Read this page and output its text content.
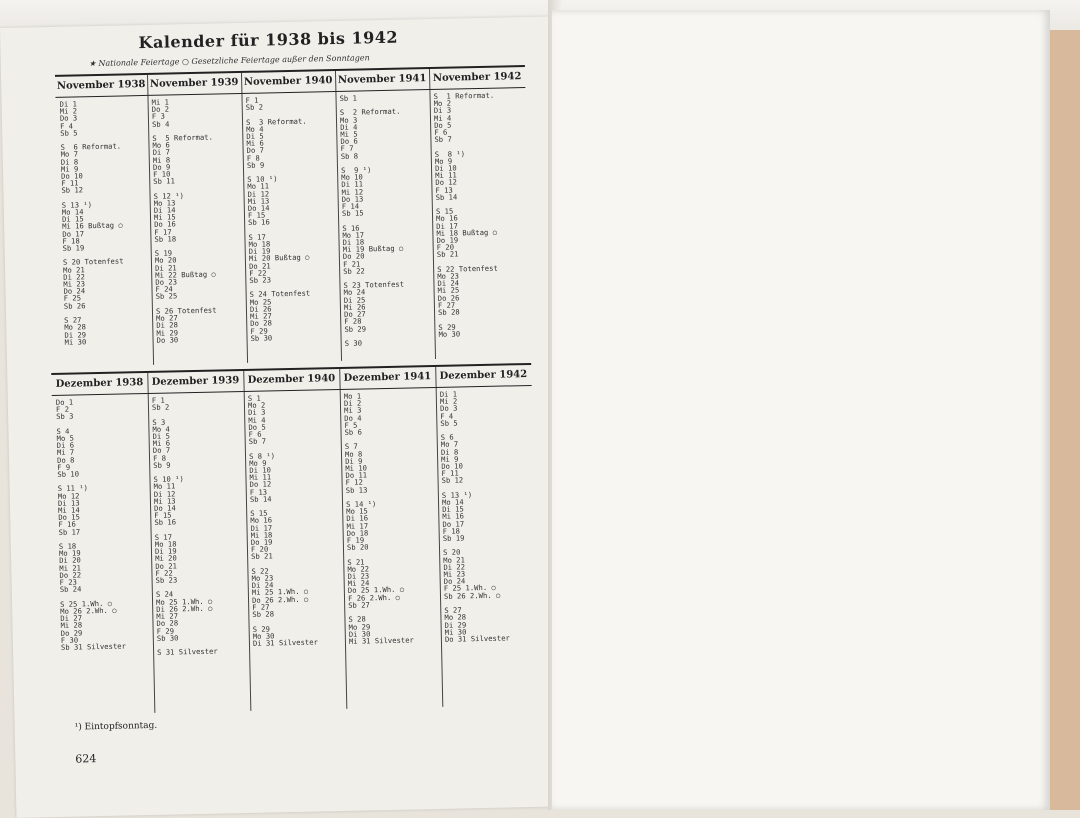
Kalender für 1938 bis 1942
★ Nationale Feiertage ○ Gesetzliche Feiertage außer den Sonntagen
November 1938
Di 1
Mi 2
Do 3
F 4
Sb 5

S  6 Reformat.
Mo 7
Di 8
Mi 9
Do 10
F 11
Sb 12

S 13 ¹)
Mo 14
Di 15
Mi 16 Bußtag ○
Do 17
F 18
Sb 19

S 20 Totenfest
Mo 21
Di 22
Mi 23
Do 24
F 25
Sb 26

S 27
Mo 28
Di 29
Mi 30
November 1939
Mi 1
Do 2
F 3
Sb 4

S  5 Reformat.
Mo 6
Di 7
Mi 8
Do 9
F 10
Sb 11

S 12 ¹)
Mo 13
Di 14
Mi 15
Do 16
F 17
Sb 18

S 19
Mo 20
Di 21
Mi 22 Bußtag ○
Do 23
F 24
Sb 25

S 26 Totenfest
Mo 27
Di 28
Mi 29
Do 30
November 1940
F 1
Sb 2

S  3 Reformat.
Mo 4
Di 5
Mi 6
Do 7
F 8
Sb 9

S 10 ¹)
Mo 11
Di 12
Mi 13
Do 14
F 15
Sb 16

S 17
Mo 18
Di 19
Mi 20 Bußtag ○
Do 21
F 22
Sb 23

S 24 Totenfest
Mo 25
Di 26
Mi 27
Do 28
F 29
Sb 30
November 1941
Sb 1

S  2 Reformat.
Mo 3
Di 4
Mi 5
Do 6
F 7
Sb 8

S  9 ¹)
Mo 10
Di 11
Mi 12
Do 13
F 14
Sb 15

S 16
Mo 17
Di 18
Mi 19 Bußtag ○
Do 20
F 21
Sb 22

S 23 Totenfest
Mo 24
Di 25
Mi 26
Do 27
F 28
Sb 29

S 30
November 1942
S  1 Reformat.
Mo 2
Di 3
Mi 4
Do 5
F 6
Sb 7

S  8 ¹)
Mo 9
Di 10
Mi 11
Do 12
F 13
Sb 14

S 15
Mo 16
Di 17
Mi 18 Bußtag ○
Do 19
F 20
Sb 21

S 22 Totenfest
Mo 23
Di 24
Mi 25
Do 26
F 27
Sb 28

S 29
Mo 30
Dezember 1938
Do 1
F 2
Sb 3

S 4
Mo 5
Di 6
Mi 7
Do 8
F 9
Sb 10

S 11 ¹)
Mo 12
Di 13
Mi 14
Do 15
F 16
Sb 17

S 18
Mo 19
Di 20
Mi 21
Do 22
F 23
Sb 24

S 25 1.Wh. ○
Mo 26 2.Wh. ○
Di 27
Mi 28
Do 29
F 30
Sb 31 Silvester
Dezember 1939
F 1
Sb 2

S 3
Mo 4
Di 5
Mi 6
Do 7
F 8
Sb 9

S 10 ¹)
Mo 11
Di 12
Mi 13
Do 14
F 15
Sb 16

S 17
Mo 18
Di 19
Mi 20
Do 21
F 22
Sb 23

S 24
Mo 25 1.Wh. ○
Di 26 2.Wh. ○
Mi 27
Do 28
F 29
Sb 30

S 31 Silvester
Dezember 1940
S 1
Mo 2
Di 3
Mi 4
Do 5
F 6
Sb 7

S 8 ¹)
Mo 9
Di 10
Mi 11
Do 12
F 13
Sb 14

S 15
Mo 16
Di 17
Mi 18
Do 19
F 20
Sb 21

S 22
Mo 23
Di 24
Mi 25 1.Wh. ○
Do 26 2.Wh. ○
F 27
Sb 28

S 29
Mo 30
Di 31 Silvester
Dezember 1941
Mo 1
Di 2
Mi 3
Do 4
F 5
Sb 6

S 7
Mo 8
Di 9
Mi 10
Do 11
F 12
Sb 13

S 14 ¹)
Mo 15
Di 16
Mi 17
Do 18
F 19
Sb 20

S 21
Mo 22
Di 23
Mi 24
Do 25 1.Wh. ○
F 26 2.Wh. ○
Sb 27

S 28
Mo 29
Di 30
Mi 31 Silvester
Dezember 1942
Di 1
Mi 2
Do 3
F 4
Sb 5

S 6
Mo 7
Di 8
Mi 9
Do 10
F 11
Sb 12

S 13 ¹)
Mo 14
Di 15
Mi 16
Do 17
F 18
Sb 19

S 20
Mo 21
Di 22
Mi 23
Do 24
F 25 1.Wh. ○
Sb 26 2.Wh. ○

S 27
Mo 28
Di 29
Mi 30
Do 31 Silvester
¹) Eintopfsonntag.
624
